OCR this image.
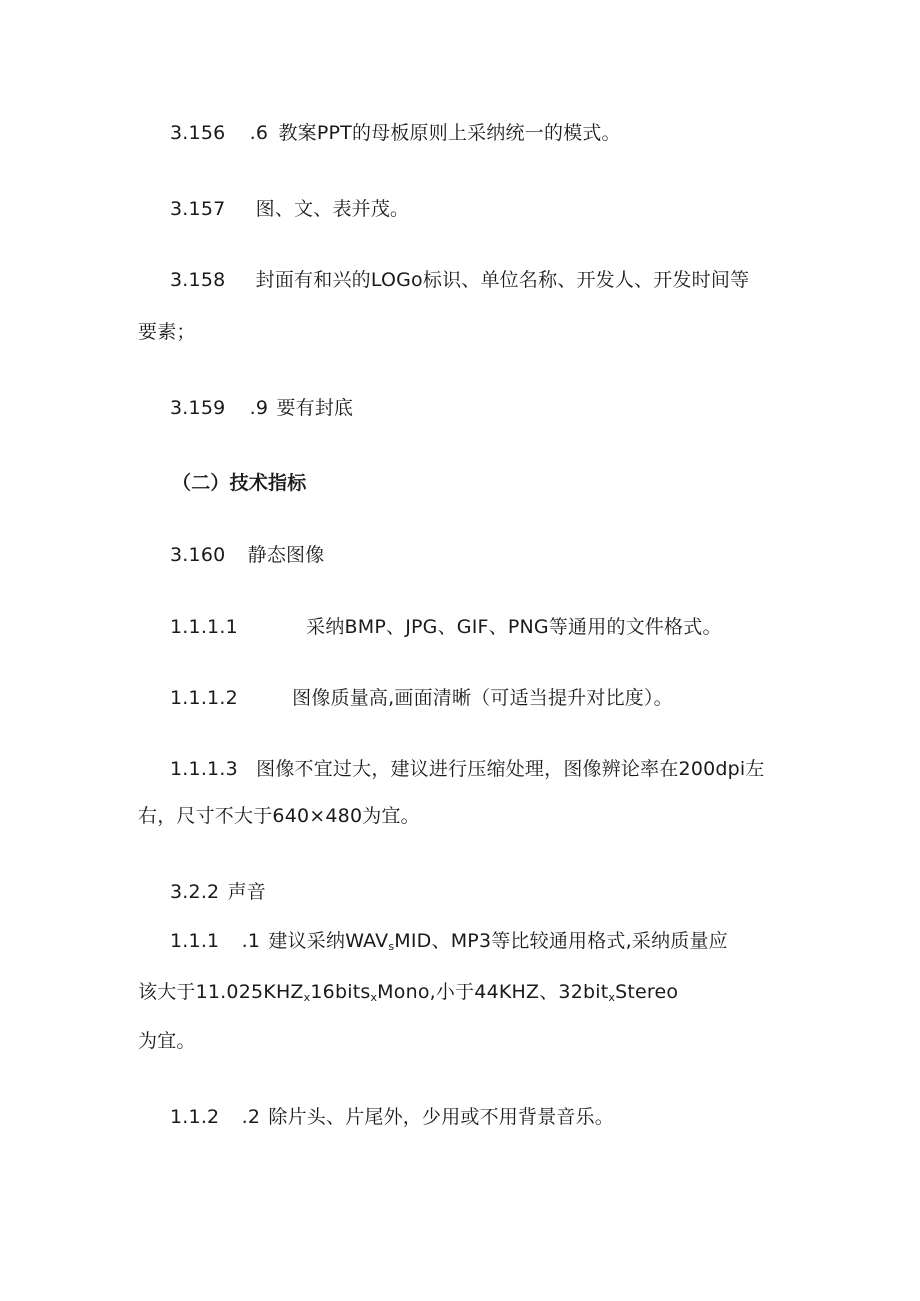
3.156 .6 教案PPT的母板原则上采纳统一的模式。
3.157 图、文、表并茂。
3.158 封面有和兴的LOGo标识、单位名称、开发人、开发时间等
要素；
3.159 .9 要有封底
（二）技术指标
3.160 静态图像
1.1.1.1	采纳BMP、JPG、GIF、PNG等通用的文件格式。
1.1.1.2	图像质量高,画面清晰（可适当提升对比度）。
1.1.1.3 图像不宜过大，建议进行压缩处理，图像辨论率在200dpi左
右，尺寸不大于640×480为宜。
3.2.2 声音
1.1.1 .1 建议采纳$WAV_sMID$、MP3等比较通用格式,采纳质量应
该大于$11.025KHZ_x16bits_xMono$,小于44KHZ、32bit$_x$Stereo
为宜。
1.1.2 .2 除片头、片尾外，少用或不用背景音乐。
